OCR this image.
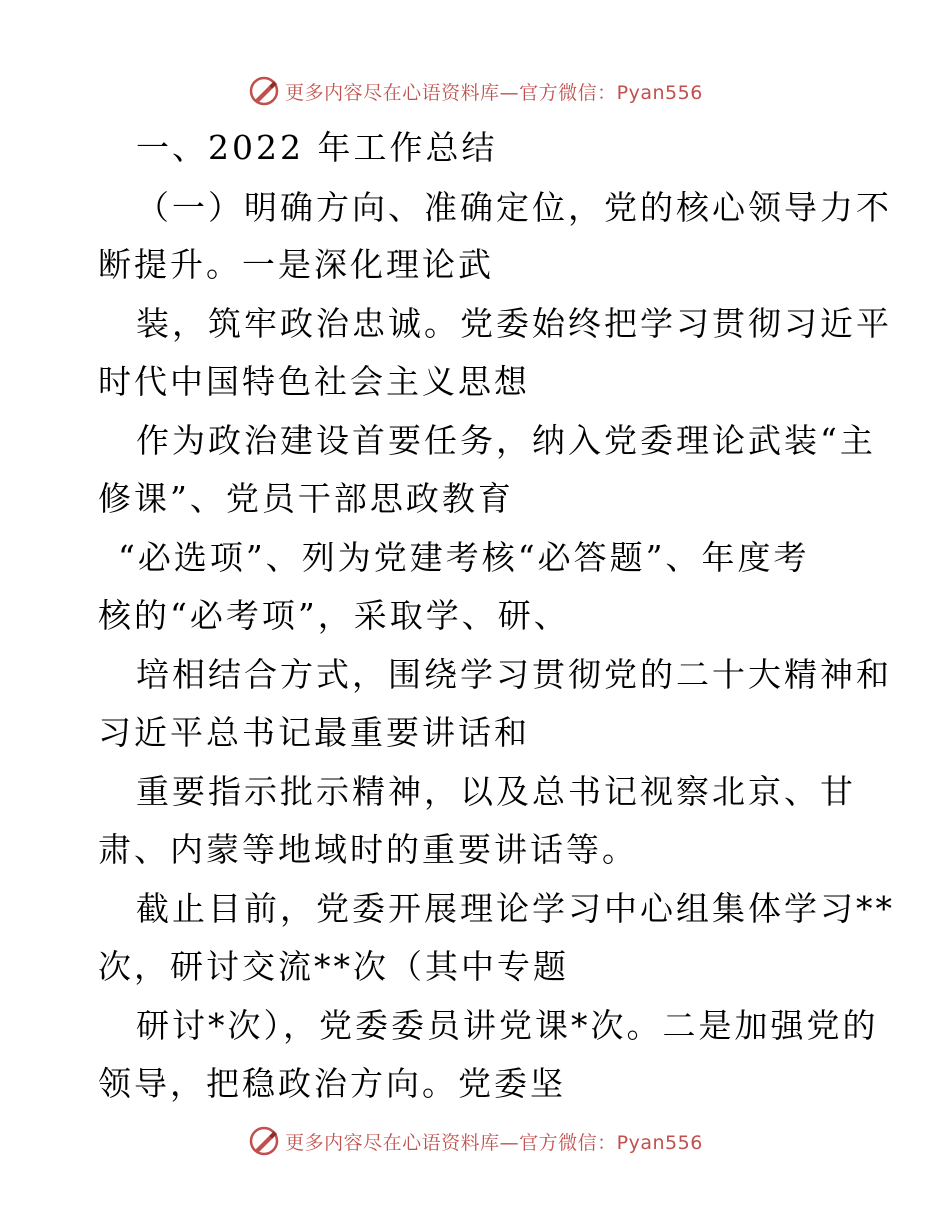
更多内容尽在心语资料库—官方微信：Pyan556
一、2022 年工作总结
（一）明确方向、准确定位，党的核心领导力不
断提升。一是深化理论武
装，筑牢政治忠诚。党委始终把学习贯彻习近平
时代中国特色社会主义思想
作为政治建设首要任务，纳入党委理论武装“主
修课”、党员干部思政教育
“必选项”、列为党建考核“必答题”、年度考
核的“必考项”，采取学、研、
培相结合方式，围绕学习贯彻党的二十大精神和
习近平总书记最重要讲话和
重要指示批示精神，以及总书记视察北京、甘
肃、内蒙等地域时的重要讲话等。
截止目前，党委开展理论学习中心组集体学习**
次，研讨交流**次（其中专题
研讨*次），党委委员讲党课*次。二是加强党的
领导，把稳政治方向。党委坚
更多内容尽在心语资料库—官方微信：Pyan556
